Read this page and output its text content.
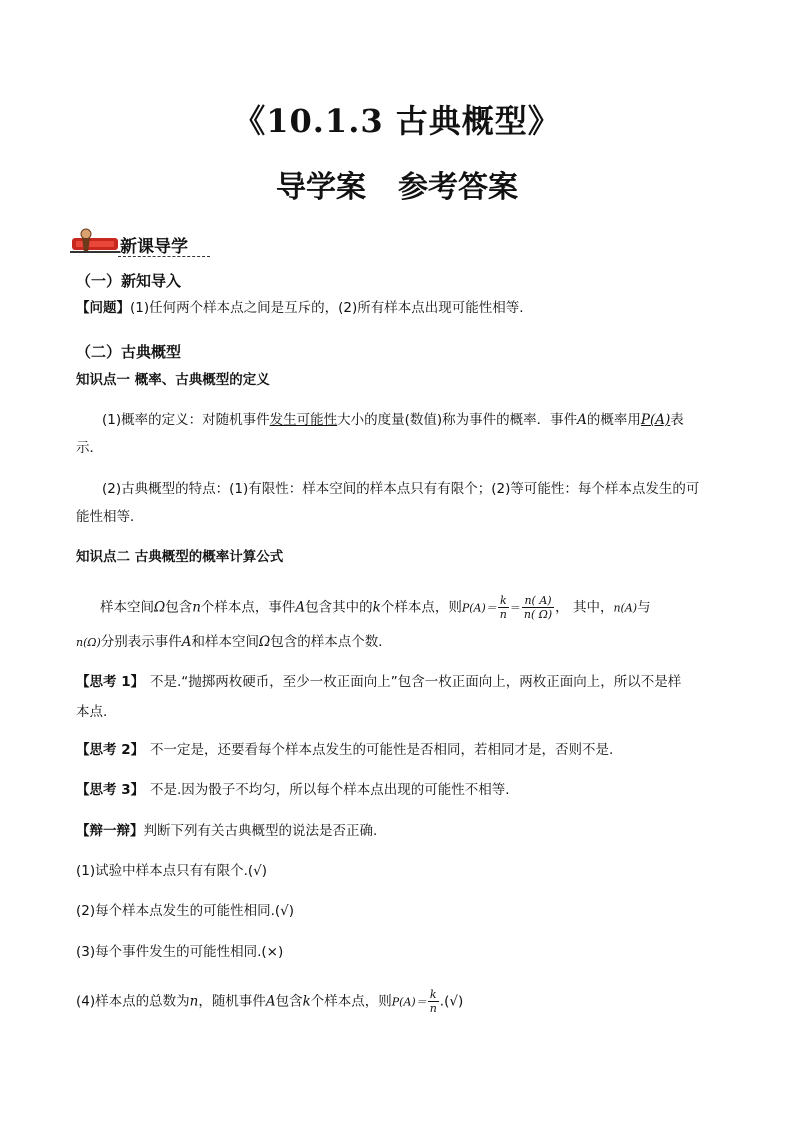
《10.1.3 古典概型》
导学案 参考答案
新课导学
（一）新知导入
【问题】(1)任何两个样本点之间是互斥的，(2)所有样本点出现可能性相等.
（二）古典概型
知识点一 概率、古典概型的定义
(1)概率的定义：对随机事件发生可能性大小的度量(数值)称为事件的概率．事件A的概率用P(A)表
示．
(2)古典概型的特点：(1)有限性：样本空间的样本点只有有限个；(2)等可能性：每个样本点发生的可
能性相等．
知识点二 古典概型的概率计算公式
样本空间Ω包含n个样本点，事件A包含其中的k个样本点，则$P(A)= \frac{k}{n} = \frac{n( A)}{n( \Omega)}$ ， 其中，n(A)与
n(Ω)分别表示事件A和样本空间Ω包含的样本点个数．
【思考 1】 不是.“抛掷两枚硬币，至少一枚正面向上”包含一枚正面向上，两枚正面向上，所以不是样
本点.
【思考 2】 不一定是，还要看每个样本点发生的可能性是否相同，若相同才是，否则不是.
【思考 3】 不是.因为骰子不均匀，所以每个样本点出现的可能性不相等.
【辩一辩】判断下列有关古典概型的说法是否正确.
(1)试验中样本点只有有限个.(√)
(2)每个样本点发生的可能性相同.(√)
(3)每个事件发生的可能性相同.(×)
(4)样本点的总数为n，随机事件A包含k个样本点，则$P(A)= \frac{k}{n}$ .(√)
